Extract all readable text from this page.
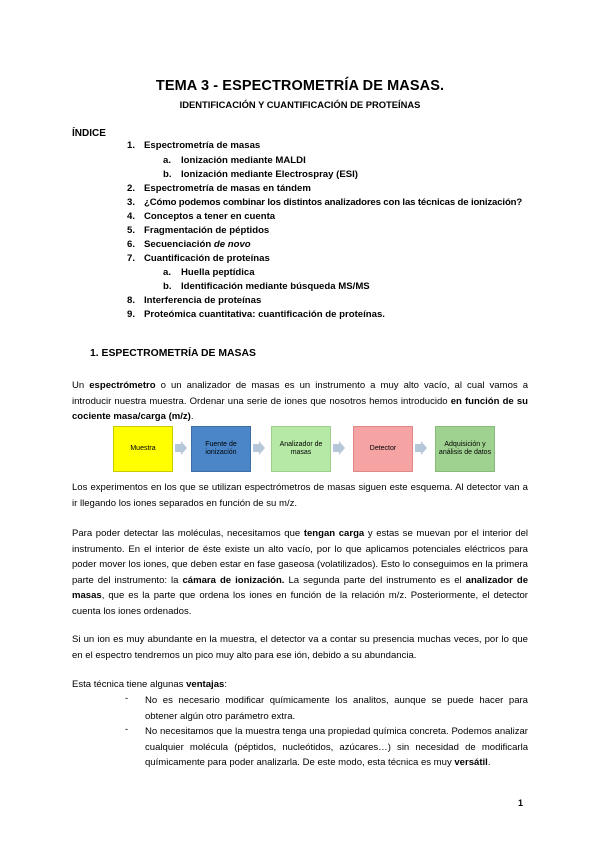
TEMA 3 - ESPECTROMETRÍA DE MASAS.
IDENTIFICACIÓN Y CUANTIFICACIÓN DE PROTEÍNAS
ÍNDICE
1. Espectrometría de masas
a. Ionización mediante MALDI
b. Ionización mediante Electrospray (ESI)
2. Espectrometría de masas en tándem
3. ¿Cómo podemos combinar los distintos analizadores con las técnicas de ionización?
4. Conceptos a tener en cuenta
5. Fragmentación de péptidos
6. Secuenciación de novo
7. Cuantificación de proteínas
a. Huella peptídica
b. Identificación mediante búsqueda MS/MS
8. Interferencia de proteínas
9. Proteómica cuantitativa: cuantificación de proteínas.
1. ESPECTROMETRÍA DE MASAS
Un espectrómetro o un analizador de masas es un instrumento a muy alto vacío, al cual vamos a introducir nuestra muestra. Ordenar una serie de iones que nosotros hemos introducido en función de su cociente masa/carga (m/z).
Muestra
Fuente de ionización
Analizador de masas
Detector
Adquisición y análisis de datos
Los experimentos en los que se utilizan espectrómetros de masas siguen este esquema. Al detector van a ir llegando los iones separados en función de su m/z.
Para poder detectar las moléculas, necesitamos que tengan carga y estas se muevan por el interior del instrumento. En el interior de éste existe un alto vacío, por lo que aplicamos potenciales eléctricos para poder mover los iones, que deben estar en fase gaseosa (volatilizados). Esto lo conseguimos en la primera parte del instrumento: la cámara de ionización. La segunda parte del instrumento es el analizador de masas, que es la parte que ordena los iones en función de la relación m/z. Posteriormente, el detector cuenta los iones ordenados.
Si un ion es muy abundante en la muestra, el detector va a contar su presencia muchas veces, por lo que en el espectro tendremos un pico muy alto para ese ión, debido a su abundancia.
Esta técnica tiene algunas ventajas:
- No es necesario modificar químicamente los analitos, aunque se puede hacer para obtener algún otro parámetro extra.
- No necesitamos que la muestra tenga una propiedad química concreta. Podemos analizar cualquier molécula (péptidos, nucleótidos, azúcares…) sin necesidad de modificarla químicamente para poder analizarla. De este modo, esta técnica es muy versátil.
1
